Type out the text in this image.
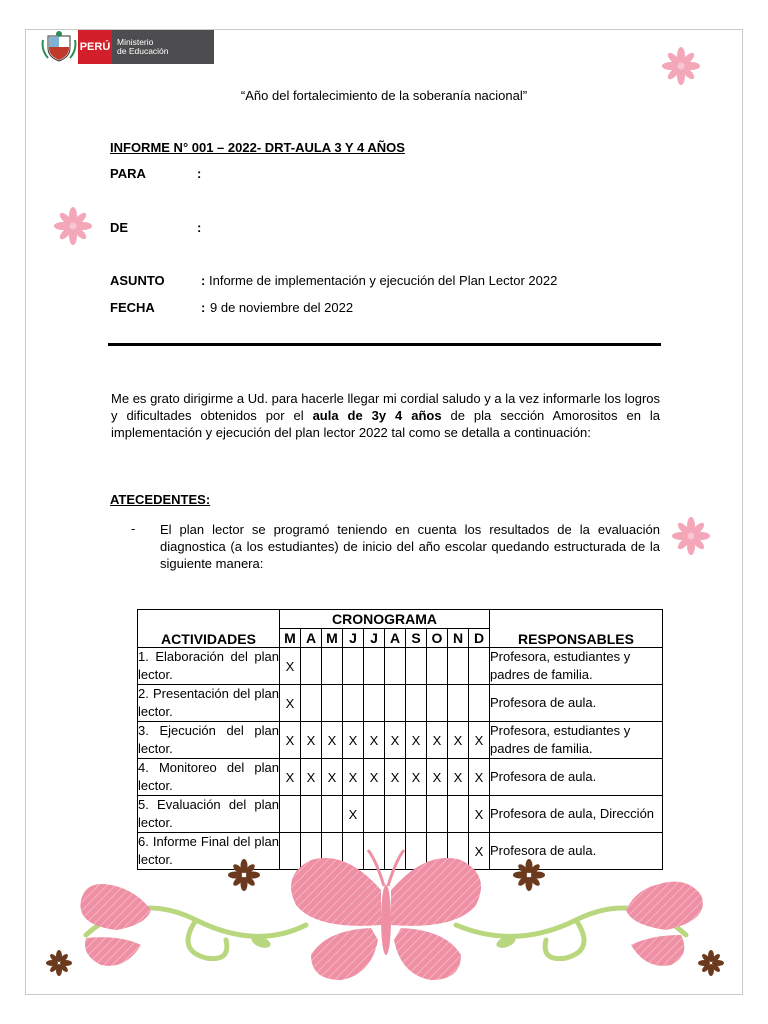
PERÚ Ministerio
de Educación
“Año del fortalecimiento de la soberanía nacional”
INFORME N° 001 – 2022- DRT-AULA 3 Y 4 AÑOS
PARA	:
DE	:
ASUNTO	: Informe de implementación y ejecución del Plan Lector 2022
FECHA	: 9 de noviembre del 2022
Me es grato dirigirme a Ud. para hacerle llegar mi cordial saludo y a la vez informarle los logros y dificultades obtenidos por el aula de 3y 4 años de pla sección Amorositos en la implementación y ejecución del plan lector 2022 tal como se detalla a continuación:
ATECEDENTES:
- El plan lector se programó teniendo en cuenta los resultados de la evaluación diagnostica (a los estudiantes) de inicio del año escolar quedando estructurada de la siguiente manera:
ACTIVIDADES	CRONOGRAMA										RESPONSABLES
	M	A	M	J	J	A	S	O	N	D	
1. Elaboración del plan lector.	X										Profesora, estudiantes y padres de familia.
2. Presentación del plan lector.	X										Profesora de aula.
3. Ejecución del plan lector.	X	X	X	X	X	X	X	X	X	X	Profesora, estudiantes y padres de familia.
4. Monitoreo del plan lector.	X	X	X	X	X	X	X	X	X	X	Profesora de aula.
5. Evaluación del plan lector.				X						X	Profesora de aula, Dirección
6. Informe Final del plan lector.										X	Profesora de aula.
